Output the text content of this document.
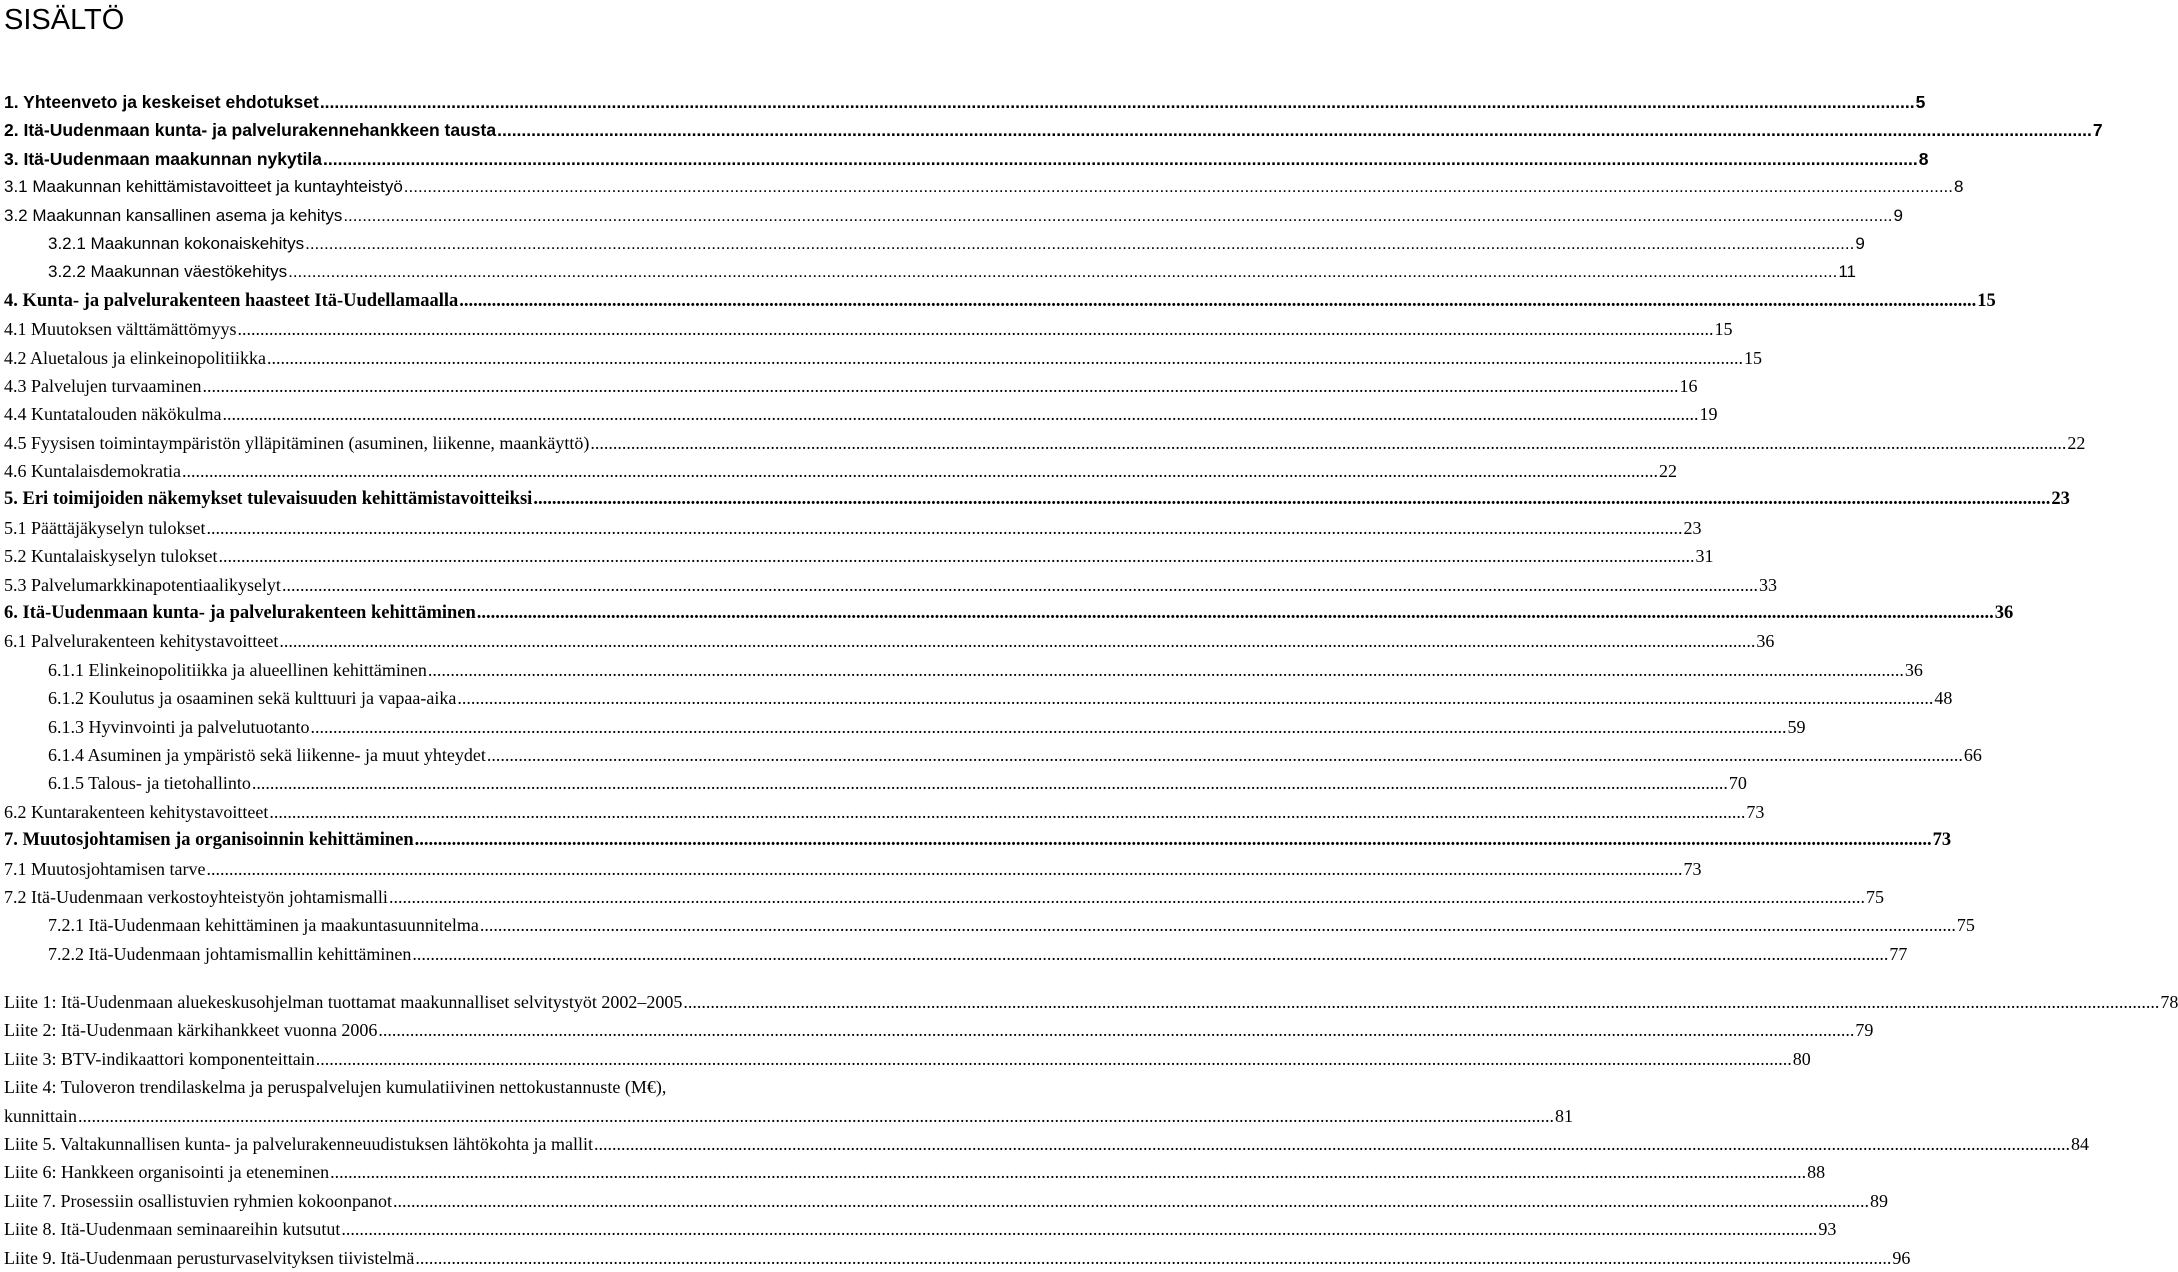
SISÄLTÖ
1. Yhteenveto ja keskeiset ehdotukset ........................................................................................................................................................................................................................................................................................................................................ 5
2. Itä-Uudenmaan kunta- ja palvelurakennehankkeen tausta ........................................................................................................................................................................................................................................................................................................................................ 7
3. Itä-Uudenmaan maakunnan nykytila ........................................................................................................................................................................................................................................................................................................................................ 8
3.1 Maakunnan kehittämistavoitteet ja kuntayhteistyö ........................................................................................................................................................................................................................................................................................................................................ 8
3.2 Maakunnan kansallinen asema ja kehitys ........................................................................................................................................................................................................................................................................................................................................ 9
3.2.1 Maakunnan kokonaiskehitys ........................................................................................................................................................................................................................................................................................................................................ 9
3.2.2 Maakunnan väestökehitys ........................................................................................................................................................................................................................................................................................................................................ 11
4. Kunta- ja palvelurakenteen haasteet Itä-Uudellamaalla ........................................................................................................................................................................................................................................................................................................................................ 15
4.1 Muutoksen välttämättömyys ........................................................................................................................................................................................................................................................................................................................................ 15
4.2 Aluetalous ja elinkeinopolitiikka ........................................................................................................................................................................................................................................................................................................................................ 15
4.3 Palvelujen turvaaminen ........................................................................................................................................................................................................................................................................................................................................ 16
4.4 Kuntatalouden näkökulma ........................................................................................................................................................................................................................................................................................................................................ 19
4.5 Fyysisen toimintaympäristön ylläpitäminen (asuminen, liikenne, maankäyttö) ........................................................................................................................................................................................................................................................................................................................................ 22
4.6 Kuntalaisdemokratia ........................................................................................................................................................................................................................................................................................................................................ 22
5. Eri toimijoiden näkemykset tulevaisuuden kehittämistavoitteiksi ........................................................................................................................................................................................................................................................................................................................................ 23
5.1 Päättäjäkyselyn tulokset ........................................................................................................................................................................................................................................................................................................................................ 23
5.2 Kuntalaiskyselyn tulokset ........................................................................................................................................................................................................................................................................................................................................ 31
5.3 Palvelumarkkinapotentiaalikyselyt ........................................................................................................................................................................................................................................................................................................................................ 33
6. Itä-Uudenmaan kunta- ja palvelurakenteen kehittäminen ........................................................................................................................................................................................................................................................................................................................................ 36
6.1 Palvelurakenteen kehitystavoitteet ........................................................................................................................................................................................................................................................................................................................................ 36
6.1.1 Elinkeinopolitiikka ja alueellinen kehittäminen ........................................................................................................................................................................................................................................................................................................................................ 36
6.1.2 Koulutus ja osaaminen sekä kulttuuri ja vapaa-aika ........................................................................................................................................................................................................................................................................................................................................ 48
6.1.3 Hyvinvointi ja palvelutuotanto ........................................................................................................................................................................................................................................................................................................................................ 59
6.1.4 Asuminen ja ympäristö sekä liikenne- ja muut yhteydet ........................................................................................................................................................................................................................................................................................................................................ 66
6.1.5 Talous- ja tietohallinto ........................................................................................................................................................................................................................................................................................................................................ 70
6.2 Kuntarakenteen kehitystavoitteet ........................................................................................................................................................................................................................................................................................................................................ 73
7. Muutosjohtamisen ja organisoinnin kehittäminen ........................................................................................................................................................................................................................................................................................................................................ 73
7.1 Muutosjohtamisen tarve ........................................................................................................................................................................................................................................................................................................................................ 73
7.2 Itä-Uudenmaan verkostoyhteistyön johtamismalli ........................................................................................................................................................................................................................................................................................................................................ 75
7.2.1 Itä-Uudenmaan kehittäminen ja maakuntasuunnitelma ........................................................................................................................................................................................................................................................................................................................................ 75
7.2.2 Itä-Uudenmaan johtamismallin kehittäminen ........................................................................................................................................................................................................................................................................................................................................ 77
Liite 1: Itä-Uudenmaan aluekeskusohjelman tuottamat maakunnalliset selvitystyöt 2002–2005 ........................................................................................................................................................................................................................................................................................................................................ 78
Liite 2: Itä-Uudenmaan kärkihankkeet vuonna 2006 ........................................................................................................................................................................................................................................................................................................................................ 79
Liite 3: BTV-indikaattori komponenteittain ........................................................................................................................................................................................................................................................................................................................................ 80
Liite 4: Tuloveron trendilaskelma ja peruspalvelujen kumulatiivinen nettokustannuste (M€),
kunnittain ........................................................................................................................................................................................................................................................................................................................................ 81
Liite 5. Valtakunnallisen kunta- ja palvelurakenneuudistuksen lähtökohta ja mallit ........................................................................................................................................................................................................................................................................................................................................ 84
Liite 6: Hankkeen organisointi ja eteneminen ........................................................................................................................................................................................................................................................................................................................................ 88
Liite 7. Prosessiin osallistuvien ryhmien kokoonpanot ........................................................................................................................................................................................................................................................................................................................................ 89
Liite 8. Itä-Uudenmaan seminaareihin kutsutut ........................................................................................................................................................................................................................................................................................................................................ 93
Liite 9. Itä-Uudenmaan perusturvaselvityksen tiivistelmä ........................................................................................................................................................................................................................................................................................................................................ 96
